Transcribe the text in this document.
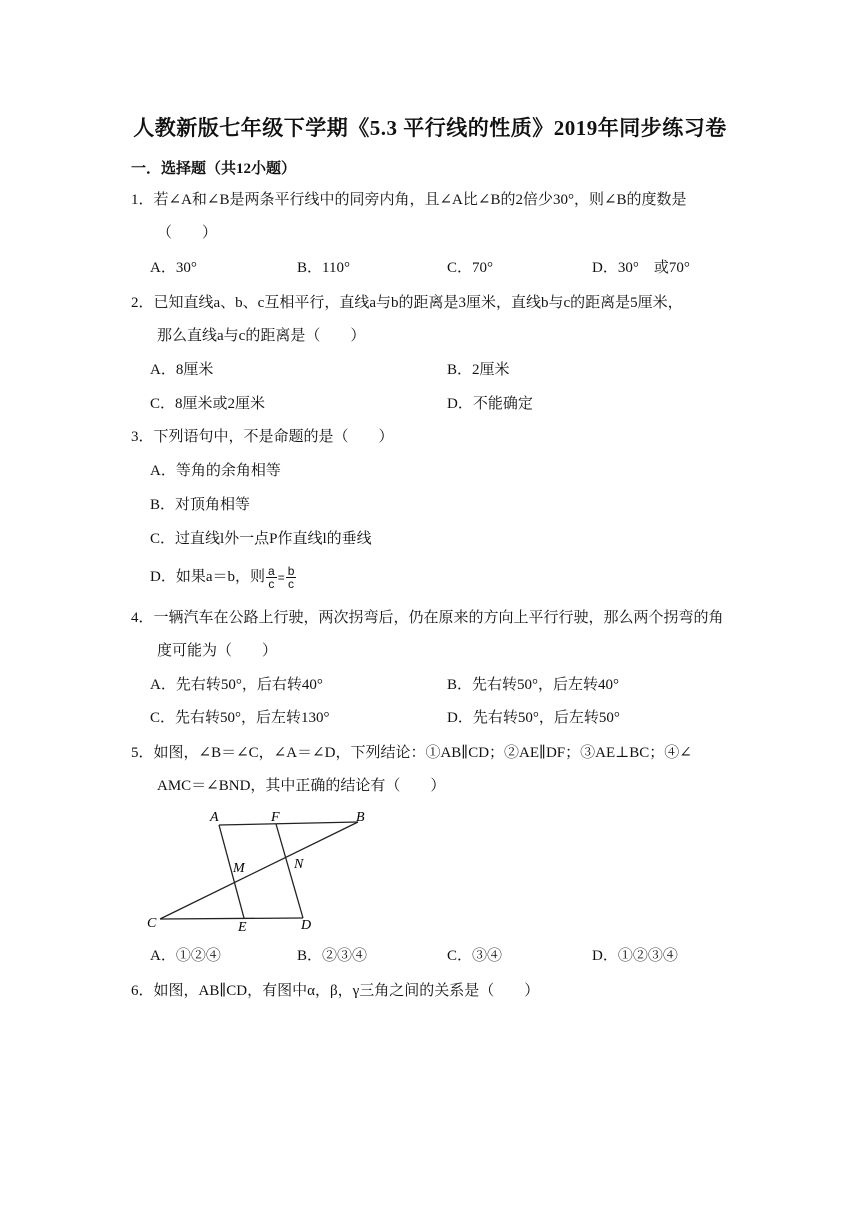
人教新版七年级下学期《5.3 平行线的性质》2019年同步练习卷
一．选择题（共12小题）
1．若∠A和∠B是两条平行线中的同旁内角，且∠A比∠B的2倍少30°，则∠B的度数是
（　　）
A．30°	B．110°	C．70°	D．30°　或70°
2．已知直线a、b、c互相平行，直线a与b的距离是3厘米，直线b与c的距离是5厘米，
那么直线a与c的距离是（　　）
A．8厘米	B．2厘米
C．8厘米或2厘米	D．不能确定
3．下列语句中，不是命题的是（　　）
A．等角的余角相等
B．对顶角相等
C．过直线l外一点P作直线l的垂线
D．如果a＝b，则 $\frac{a}{c} = \frac{b}{c}$
4．一辆汽车在公路上行驶，两次拐弯后，仍在原来的方向上平行行驶，那么两个拐弯的角
度可能为（　　）
A．先右转50°，后右转40°	B．先右转50°，后左转40°
C．先右转50°，后左转130°	D．先右转50°，后左转50°
5．如图，∠B＝∠C，∠A＝∠D，下列结论：①AB∥CD；②AE∥DF；③AE⊥BC；④∠
AMC＝∠BND，其中正确的结论有（　　）
A	F	B
M	N
C	E	D
A．①②④	B．②③④	C．③④	D．①②③④
6．如图，AB∥CD，有图中α，β，γ三角之间的关系是（　　）
